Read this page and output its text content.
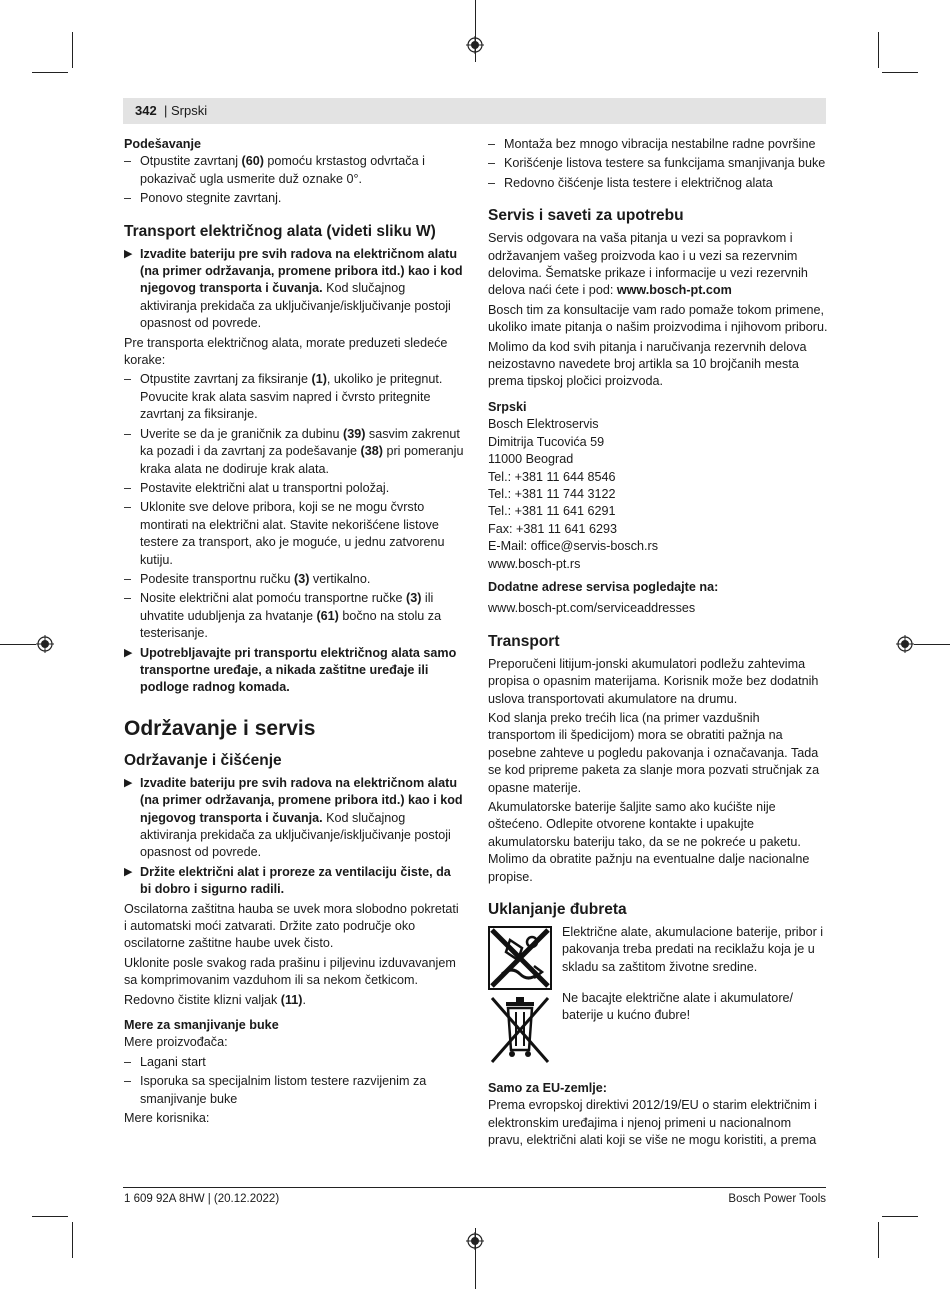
342 | Srpski

Podešavanje

– Otpustite zavrtanj (60) pomoću krstastog odvrtača i pokazivač ugla usmerite duž oznake 0°.
– Ponovo stegnite zavrtanj.

Transport električnog alata (videti sliku W)

▶ Izvadite bateriju pre svih radova na električnom alatu (na primer održavanja, promene pribora itd.) kao i kod njegovog transporta i čuvanja. Kod slučajnog aktiviranja prekidača za uključivanje/isključivanje postoji opasnost od povrede.

Pre transporta električnog alata, morate preduzeti sledeće korake:

– Otpustite zavrtanj za fiksiranje (1), ukoliko je pritegnut. Povucite krak alata sasvim napred i čvrsto pritegnite zavrtanj za fiksiranje.
– Uverite se da je graničnik za dubinu (39) sasvim zakrenut ka pozadi i da zavrtanj za podešavanje (38) pri pomeranju kraka alata ne dodiruje krak alata.
– Postavite električni alat u transportni položaj.
– Uklonite sve delove pribora, koji se ne mogu čvrsto montirati na električni alat. Stavite nekorišćene listove testere za transport, ako je moguće, u jednu zatvorenu kutiju.
– Podesite transportnu ručku (3) vertikalno.
– Nosite električni alat pomoću transportne ručke (3) ili uhvatite udubljenja za hvatanje (61) bočno na stolu za testerisanje.
▶ Upotrebljavajte pri transportu električnog alata samo transportne uređaje, a nikada zaštitne uređaje ili podloge radnog komada.

Održavanje i servis

Održavanje i čišćenje

▶ Izvadite bateriju pre svih radova na električnom alatu (na primer održavanja, promene pribora itd.) kao i kod njegovog transporta i čuvanja. Kod slučajnog aktiviranja prekidača za uključivanje/isključivanje postoji opasnost od povrede.
▶ Držite električni alat i proreze za ventilaciju čiste, da bi dobro i sigurno radili.

Oscilatorna zaštitna hauba se uvek mora slobodno pokretati i automatski moći zatvarati. Držite zato područje oko oscilatorne zaštitne haube uvek čisto.

Uklonite posle svakog rada prašinu i piljevinu izduvavanjem sa komprimovanim vazduhom ili sa nekom četkicom.

Redovno čistite klizni valjak (11).

Mere za smanjivanje buke

Mere proizvođača:

– Lagani start
– Isporuka sa specijalnim listom testere razvijenim za smanjivanje buke

Mere korisnika:

– Montaža bez mnogo vibracija nestabilne radne površine
– Korišćenje listova testere sa funkcijama smanjivanja buke
– Redovno čišćenje lista testere i električnog alata

Servis i saveti za upotrebu

Servis odgovara na vaša pitanja u vezi sa popravkom i održavanjem vašeg proizvoda kao i u vezi sa rezervnim delovima. Šematske prikaze i informacije u vezi rezervnih delova naći ćete i pod: www.bosch-pt.com

Bosch tim za konsultacije vam rado pomaže tokom primene, ukoliko imate pitanja o našim proizvodima i njihovom priboru.

Molimo da kod svih pitanja i naručivanja rezervnih delova neizostavno navedete broj artikla sa 10 brojčanih mesta prema tipskoj pločici proizvoda.

Srpski

Bosch Elektroservis
Dimitrija Tucovića 59
11000 Beograd
Tel.: +381 11 644 8546
Tel.: +381 11 744 3122
Tel.: +381 11 641 6291
Fax: +381 11 641 6293
E-Mail: office@servis-bosch.rs
www.bosch-pt.rs

Dodatne adrese servisa pogledajte na:

www.bosch-pt.com/serviceaddresses

Transport

Preporučeni litijum-jonski akumulatori podležu zahtevima propisa o opasnim materijama. Korisnik može bez dodatnih uslova transportovati akumulatore na drumu.

Kod slanja preko trećih lica (na primer vazdušnih transportom ili špedicijom) mora se obratiti pažnja na posebne zahteve u pogledu pakovanja i označavanja. Tada se kod pripreme paketa za slanje mora pozvati stručnjak za opasne materije.

Akumulatorske baterije šaljite samo ako kućište nije oštećeno. Odlepite otvorene kontakte i upakujte akumulatorsku bateriju tako, da se ne pokreće u paketu. Molimo da obratite pažnju na eventualne dalje nacionalne propise.

Uklanjanje đubreta

Električne alate, akumulacione baterije, pribor i pakovanja treba predati na reciklažu koja je u skladu sa zaštitom životne sredine.

Ne bacajte električne alate i akumulatore/ baterije u kućno đubre!

Samo za EU-zemlje:

Prema evropskoj direktivi 2012/19/EU o starim električnim i elektronskim uređajima i njenoj primeni u nacionalnom pravu, električni alati koji se više ne mogu koristiti, a prema

1 609 92A 8HW | (20.12.2022)	Bosch Power Tools
